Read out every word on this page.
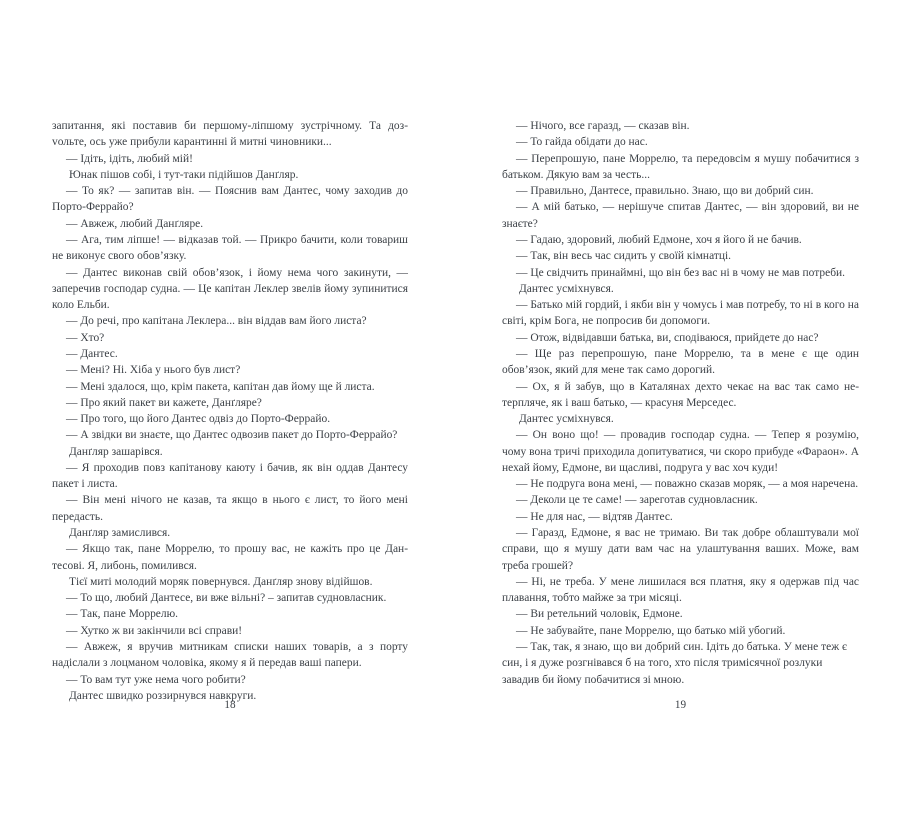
запитання, які поставив би першому-ліпшому зустрічному. Та дозvольте, ось уже прибули карантинні й митні чиновники...

— Ідіть, ідіть, любий мій!

Юнак пішов собі, і тут-таки підійшов Данґляр.

— То як? — запитав він. — Пояснив вам Дантес, чому заходив до Порто-Феррайо?

— Авжеж, любий Данґляре.

— Ага, тим ліпше! — відказав той. — Прикро бачити, коли товариш не виконує свого обов’язку.

— Дантес виконав свій обов’язок, і йому нема чого закинути, — заперечив господар судна. — Це капітан Леклер звелів йому зупинитися коло Ельби.

— До речі, про капітана Леклера... він віддав вам його листа?

— Хто?

— Дантес.

— Мені? Ні. Хіба у нього був лист?

— Мені здалося, що, крім пакета, капітан дав йому ще й листа.

— Про який пакет ви кажете, Данґляре?

— Про того, що його Дантес одвіз до Порто-Феррайо.

— А звідки ви знаєте, що Дантес одвозив пакет до Порто-Феррайо?

Данґляр зашарівся.

— Я проходив повз капітанову каюту і бачив, як він оддав Дантесу пакет і листа.

— Він мені нічого не казав, та якщо в нього є лист, то його мені передасть.

Данґляр замислився.

— Якщо так, пане Моррелю, то прошу вас, не кажіть про це Дантесові. Я, либонь, помилився.

Тієї миті молодий моряк повернувся. Данґляр знову відійшов.

— То що, любий Дантесе, ви вже вільні? – запитав судновласник.

— Так, пане Моррелю.

— Хутко ж ви закінчили всі справи!

— Авжеж, я вручив митникам списки наших товарів, а з порту надіслали з лоцманом чоловіка, якому я й передав ваші папери.

— То вам тут уже нема чого робити?

Дантес швидко роззирнувся навкруги.

18

— Нічого, все гаразд, — сказав він.

— То гайда обідати до нас.

— Перепрошую, пане Моррелю, та передовсім я мушу побачитися з батьком. Дякую вам за честь...

— Правильно, Дантесе, правильно. Знаю, що ви добрий син.

— А мій батько, — нерішуче спитав Дантес, — він здоровий, ви не знаєте?

— Гадаю, здоровий, любий Едмоне, хоч я його й не бачив.

— Так, він весь час сидить у своїй кімнатці.

— Це свідчить принаймні, що він без вас ні в чому не мав потреби.

Дантес усміхнувся.

— Батько мій гордий, і якби він у чомусь і мав потребу, то ні в кого на світі, крім Бога, не попросив би допомоги.

— Отож, відвідавши батька, ви, сподіваюся, прийдете до нас?

— Ще раз перепрошую, пане Моррелю, та в мене є ще один обов’язок, який для мене так само дорогий.

— Ох, я й забув, що в Каталянах дехто чекає на вас так само нетерпляче, як і ваш батько, — красуня Мерседес.

Дантес усміхнувся.

— Он воно що! — провадив господар судна. — Тепер я розумію, чому вона тричі приходила допитуватися, чи скоро прибуде «Фараон». А нехай йому, Едмоне, ви щасливі, подруга у вас хоч куди!

— Не подруга вона мені, — поважно сказав моряк, — а моя наречена.

— Деколи це те саме! — зареготав судновласник.

— Не для нас, — відтяв Дантес.

— Гаразд, Едмоне, я вас не тримаю. Ви так добре облаштували мої справи, що я мушу дати вам час на улаштування ваших. Може, вам треба грошей?

— Ні, не треба. У мене лишилася вся платня, яку я одержав під час плавання, тобто майже за три місяці.

— Ви ретельний чоловік, Едмоне.

— Не забувайте, пане Моррелю, що батько мій убогий.

— Так, так, я знаю, що ви добрий син. Ідіть до батька. У мене теж є син, і я дуже розгнівався б на того, хто після тримісячної розлуки завадив би йому побачитися зі мною.

19
